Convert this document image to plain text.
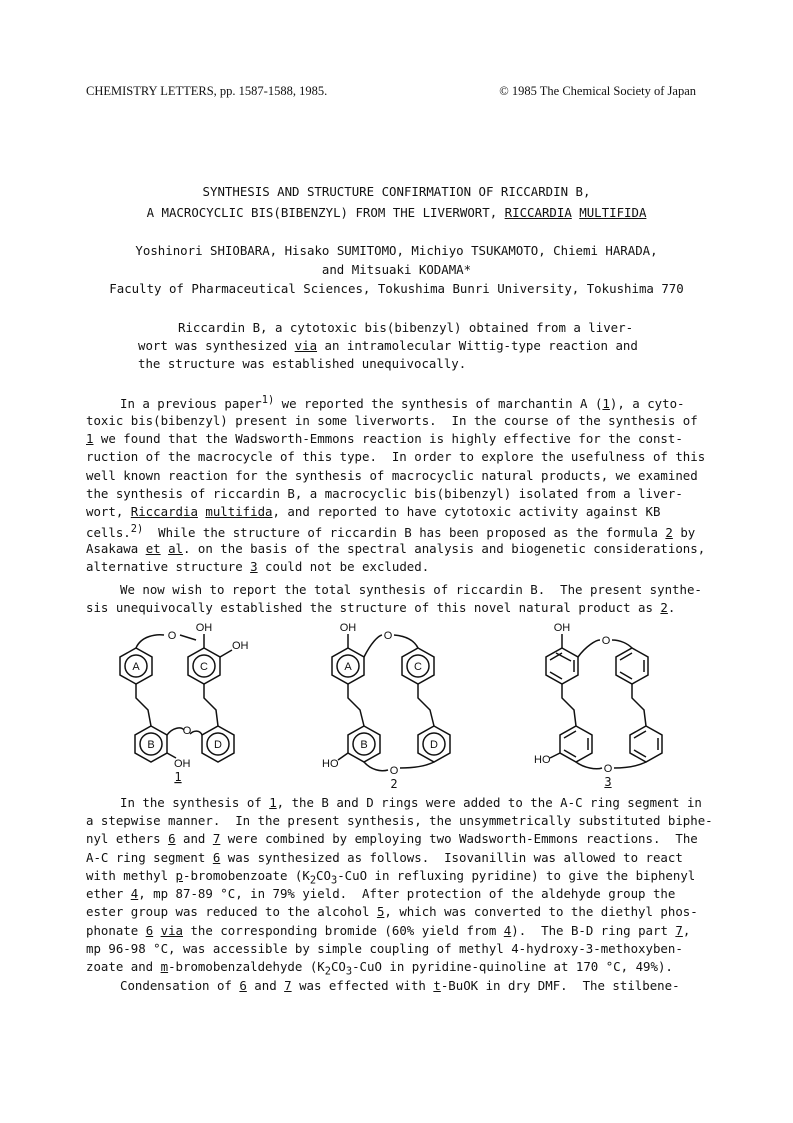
CHEMISTRY LETTERS, pp. 1587-1588, 1985.	© 1985 The Chemical Society of Japan
SYNTHESIS AND STRUCTURE CONFIRMATION OF RICCARDIN B,
A MACROCYCLIC BIS(BIBENZYL) FROM THE LIVERWORT, RICCARDIA MULTIFIDA
Yoshinori SHIOBARA, Hisako SUMITOMO, Michiyo TSUKAMOTO, Chiemi HARADA,
and Mitsuaki KODAMA*
Faculty of Pharmaceutical Sciences, Tokushima Bunri University, Tokushima 770
Riccardin B, a cytotoxic bis(bibenzyl) obtained from a liver-
wort was synthesized via an intramolecular Wittig-type reaction and
the structure was established unequivocally.
In a previous paper$^{1)}$ we reported the synthesis of marchantin A (1), a cyto-
toxic bis(bibenzyl) present in some liverworts.  In the course of the synthesis of
1 we found that the Wadsworth-Emmons reaction is highly effective for the const-
ruction of the macrocycle of this type.  In order to explore the usefulness of this
well known reaction for the synthesis of macrocyclic natural products, we examined
the synthesis of riccardin B, a macrocyclic bis(bibenzyl) isolated from a liver-
wort, Riccardia multifida, and reported to have cytotoxic activity against KB
cells.$^{2)}$  While the structure of riccardin B has been proposed as the formula 2 by
Asakawa et al. on the basis of the spectral analysis and biogenetic considerations,
alternative structure 3 could not be excluded.
We now wish to report the total synthesis of riccardin B.  The present synthe-
sis unequivocally established the structure of this novel natural product as 2.
A	C
B	D
O
OH
OH
O
OH
1
A	C
B	D
OH
O
HO
O
2
OH
O
HO
O
3
In the synthesis of 1, the B and D rings were added to the A-C ring segment in
a stepwise manner.  In the present synthesis, the unsymmetrically substituted biphe-
nyl ethers 6 and 7 were combined by employing two Wadsworth-Emmons reactions.  The
A-C ring segment 6 was synthesized as follows.  Isovanillin was allowed to react
with methyl p-bromobenzoate ($K_2CO_3$-CuO in refluxing pyridine) to give the biphenyl
ether 4, mp 87-89 °C, in 79% yield.  After protection of the aldehyde group the
ester group was reduced to the alcohol 5, which was converted to the diethyl phos-
phonate 6 via the corresponding bromide (60% yield from 4).  The B-D ring part 7,
mp 96-98 °C, was accessible by simple coupling of methyl 4-hydroxy-3-methoxyben-
zoate and m-bromobenzaldehyde ($K_2CO_3$-CuO in pyridine-quinoline at 170 °C, 49%).
Condensation of 6 and 7 was effected with t-BuOK in dry DMF.  The stilbene-
